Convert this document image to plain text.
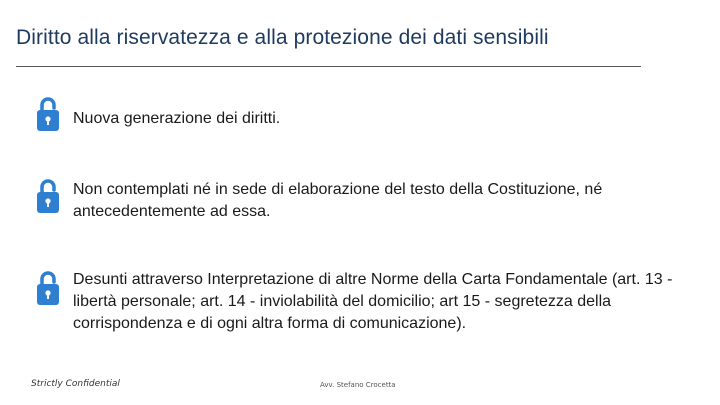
Diritto alla riservatezza e alla protezione dei dati sensibili
Nuova generazione dei diritti.
Non contemplati né in sede di elaborazione del testo della Costituzione, né antecedentemente ad essa.
Desunti attraverso Interpretazione di altre Norme della Carta Fondamentale (art. 13 - libertà personale; art. 14 - inviolabilità del domicilio; art 15 - segretezza della corrispondenza e di ogni altra forma di comunicazione).
Strictly Confidential	Avv. Stefano Crocetta
